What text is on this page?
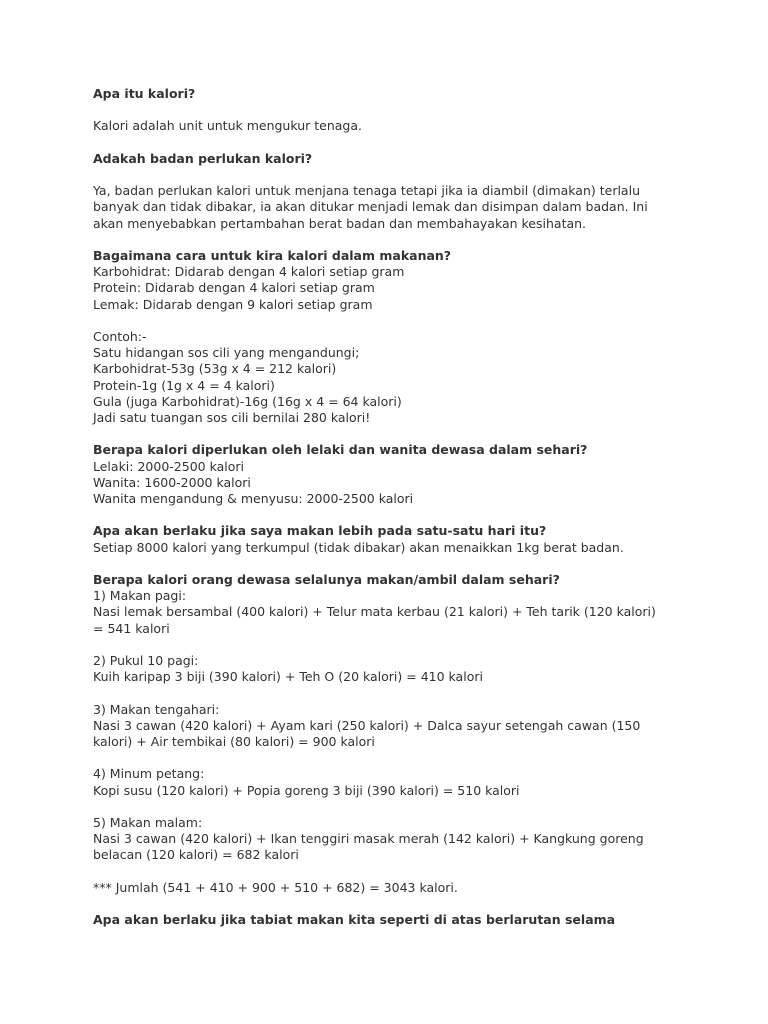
Apa itu kalori?

Kalori adalah unit untuk mengukur tenaga.

Adakah badan perlukan kalori?

Ya, badan perlukan kalori untuk menjana tenaga tetapi jika ia diambil (dimakan) terlalu

banyak dan tidak dibakar, ia akan ditukar menjadi lemak dan disimpan dalam badan. Ini

akan menyebabkan pertambahan berat badan dan membahayakan kesihatan.

Bagaimana cara untuk kira kalori dalam makanan?

Karbohidrat: Didarab dengan 4 kalori setiap gram

Protein: Didarab dengan 4 kalori setiap gram

Lemak: Didarab dengan 9 kalori setiap gram

Contoh:-

Satu hidangan sos cili yang mengandungi;

Karbohidrat-53g (53g x 4 = 212 kalori)

Protein-1g (1g x 4 = 4 kalori)

Gula (juga Karbohidrat)-16g (16g x 4 = 64 kalori)

Jadi satu tuangan sos cili bernilai 280 kalori!

Berapa kalori diperlukan oleh lelaki dan wanita dewasa dalam sehari?

Lelaki: 2000-2500 kalori

Wanita: 1600-2000 kalori

Wanita mengandung & menyusu: 2000-2500 kalori

Apa akan berlaku jika saya makan lebih pada satu-satu hari itu?

Setiap 8000 kalori yang terkumpul (tidak dibakar) akan menaikkan 1kg berat badan.

Berapa kalori orang dewasa selalunya makan/ambil dalam sehari?

1) Makan pagi:

Nasi lemak bersambal (400 kalori) + Telur mata kerbau (21 kalori) + Teh tarik (120 kalori)

= 541 kalori

2) Pukul 10 pagi:

Kuih karipap 3 biji (390 kalori) + Teh O (20 kalori) = 410 kalori

3) Makan tengahari:

Nasi 3 cawan (420 kalori) + Ayam kari (250 kalori) + Dalca sayur setengah cawan (150

kalori) + Air tembikai (80 kalori) = 900 kalori

4) Minum petang:

Kopi susu (120 kalori) + Popia goreng 3 biji (390 kalori) = 510 kalori

5) Makan malam:

Nasi 3 cawan (420 kalori) + Ikan tenggiri masak merah (142 kalori) + Kangkung goreng

belacan (120 kalori) = 682 kalori

*** Jumlah (541 + 410 + 900 + 510 + 682) = 3043 kalori.

Apa akan berlaku jika tabiat makan kita seperti di atas berlarutan selama
